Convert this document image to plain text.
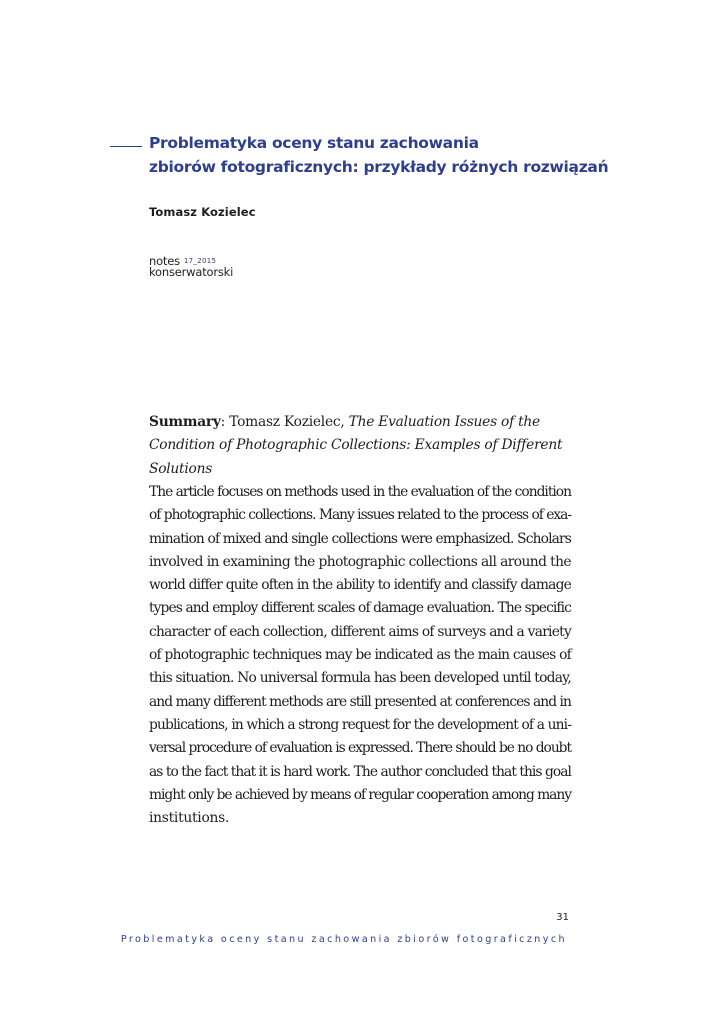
Problematyka oceny stanu zachowania
zbiorów fotograficznych: przykłady różnych rozwiązań

Tomasz Kozielec

notes 17_2015
konserwatorski

Summary: Tomasz Kozielec, The Evaluation Issues of the Condition of Photographic Collections: Examples of Different Solutions

The article focuses on methods used in the evaluation of the condition
of photographic collections. Many issues related to the process of exa-
mination of mixed and single collections were emphasized. Scholars
involved in examining the photographic collections all around the
world differ quite often in the ability to identify and classify damage
types and employ different scales of damage evaluation. The specific
character of each collection, different aims of surveys and a variety
of photographic techniques may be indicated as the main causes of
this situation. No universal formula has been developed until today,
and many different methods are still presented at conferences and in
publications, in which a strong request for the development of a uni-
versal procedure of evaluation is expressed. There should be no doubt
as to the fact that it is hard work. The author concluded that this goal
might only be achieved by means of regular cooperation among many
institutions.
31
Problematyka oceny stanu zachowania zbiorów fotograficznych
